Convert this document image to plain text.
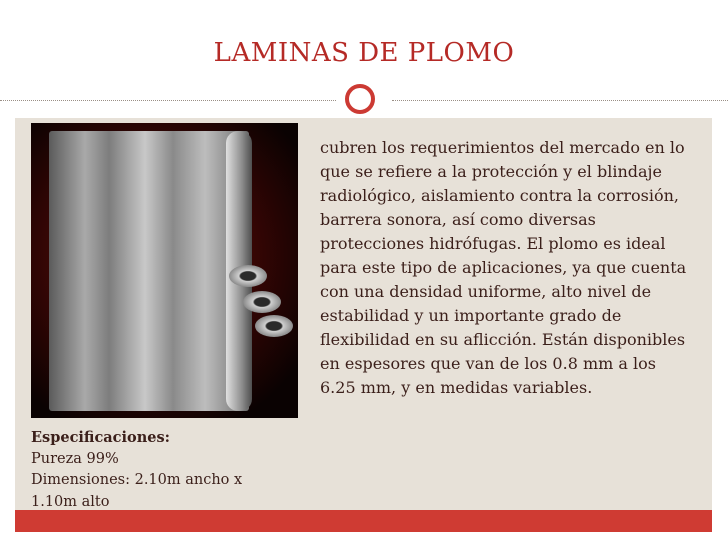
LAMINAS DE PLOMO
cubren los requerimientos del mercado en lo que se refiere a la protección y el blindaje radiológico, aislamiento contra la corrosión, barrera sonora, así como diversas protecciones hidrófugas. El plomo es ideal para este tipo de aplicaciones, ya que cuenta con una densidad uniforme, alto nivel de estabilidad y un importante grado de flexibilidad en su aflicción. Están disponibles en espesores que van de los 0.8 mm a los 6.25 mm, y en medidas variables.
Especificaciones:
Pureza 99%
Dimensiones: 2.10m ancho x 1.10m alto
